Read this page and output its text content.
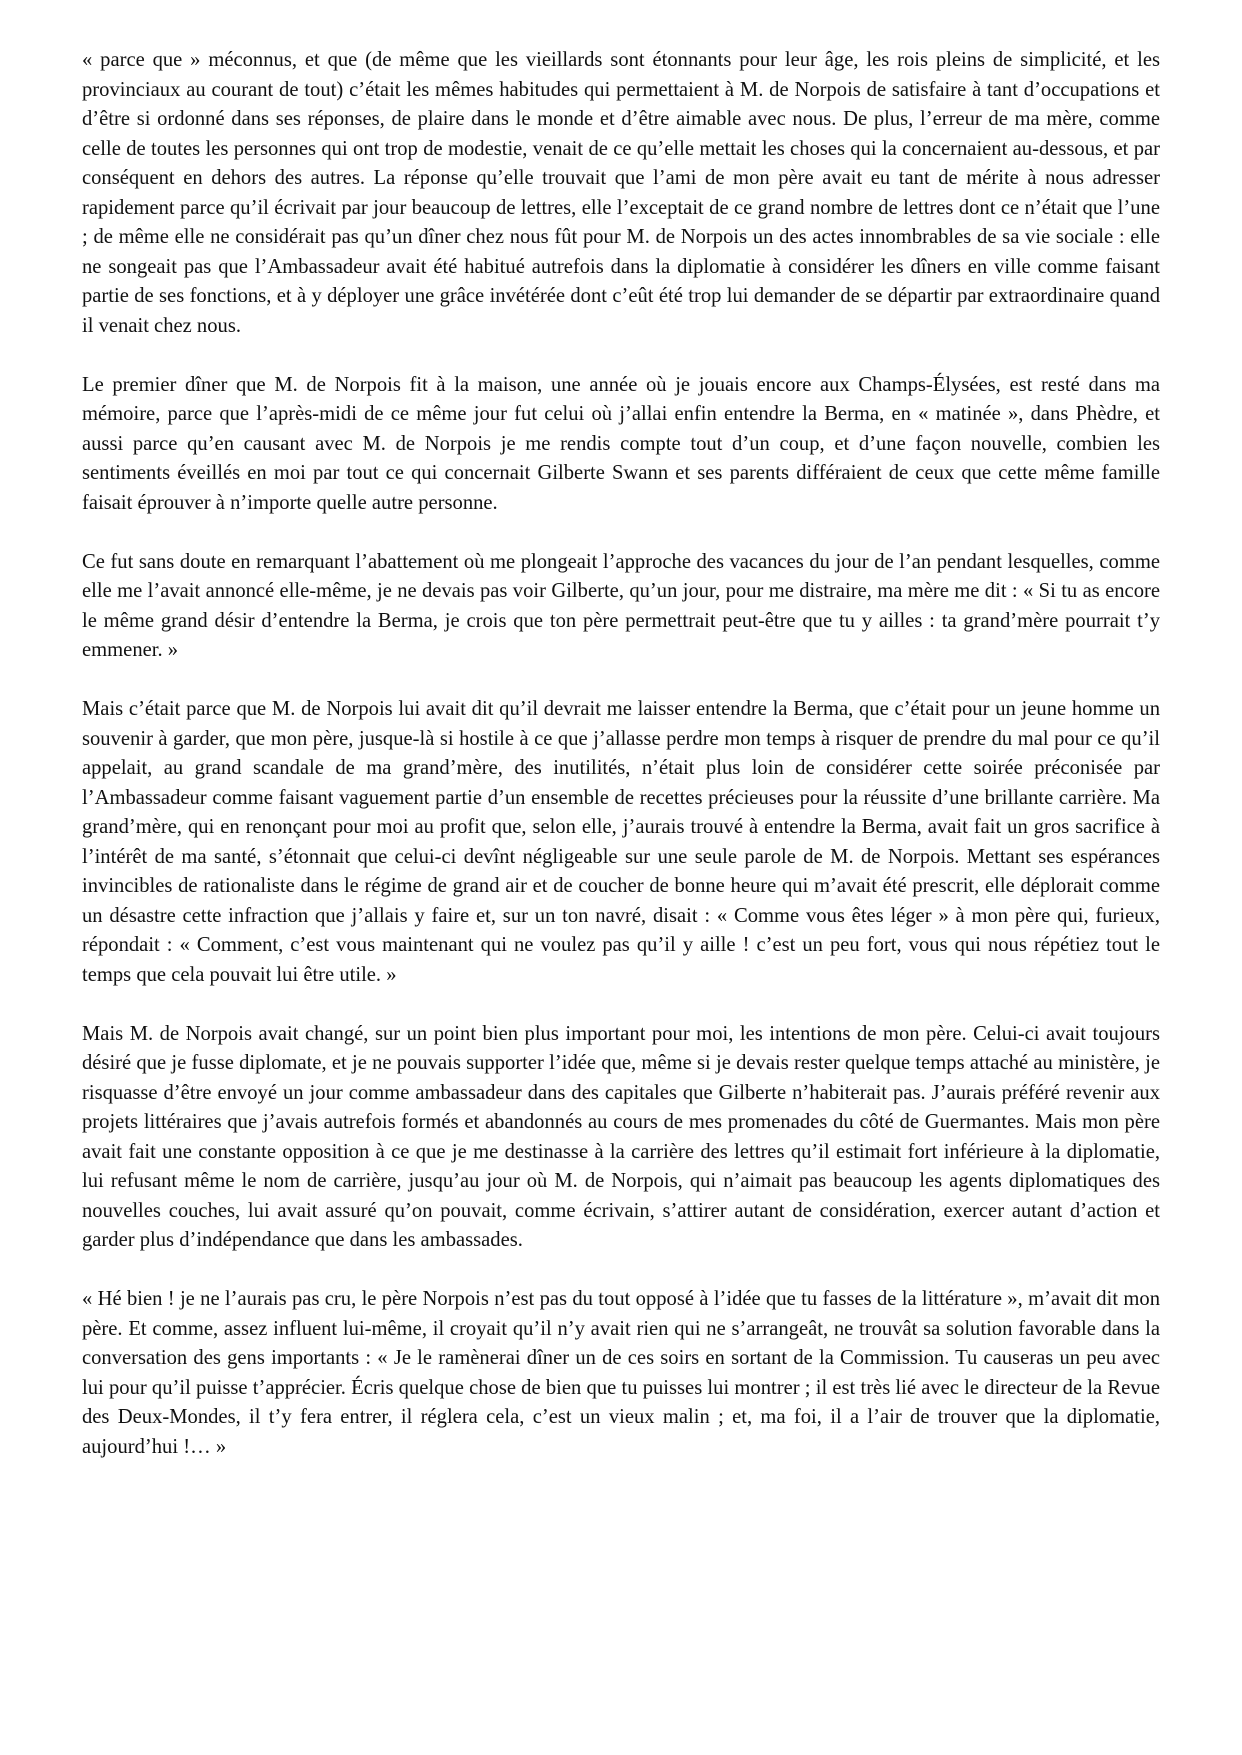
« parce que » méconnus, et que (de même que les vieillards sont étonnants pour leur âge, les rois pleins de simplicité, et les provinciaux au courant de tout) c’était les mêmes habitudes qui permettaient à M. de Norpois de satisfaire à tant d’occupations et d’être si ordonné dans ses réponses, de plaire dans le monde et d’être aimable avec nous. De plus, l’erreur de ma mère, comme celle de toutes les personnes qui ont trop de modestie, venait de ce qu’elle mettait les choses qui la concernaient au-dessous, et par conséquent en dehors des autres. La réponse qu’elle trouvait que l’ami de mon père avait eu tant de mérite à nous adresser rapidement parce qu’il écrivait par jour beaucoup de lettres, elle l’exceptait de ce grand nombre de lettres dont ce n’était que l’une ; de même elle ne considérait pas qu’un dîner chez nous fût pour M. de Norpois un des actes innombrables de sa vie sociale : elle ne songeait pas que l’Ambassadeur avait été habitué autrefois dans la diplomatie à considérer les dîners en ville comme faisant partie de ses fonctions, et à y déployer une grâce invétérée dont c’eût été trop lui demander de se départir par extraordinaire quand il venait chez nous.

Le premier dîner que M. de Norpois fit à la maison, une année où je jouais encore aux Champs-Élysées, est resté dans ma mémoire, parce que l’après-midi de ce même jour fut celui où j’allai enfin entendre la Berma, en « matinée », dans Phèdre, et aussi parce qu’en causant avec M. de Norpois je me rendis compte tout d’un coup, et d’une façon nouvelle, combien les sentiments éveillés en moi par tout ce qui concernait Gilberte Swann et ses parents différaient de ceux que cette même famille faisait éprouver à n’importe quelle autre personne.

Ce fut sans doute en remarquant l’abattement où me plongeait l’approche des vacances du jour de l’an pendant lesquelles, comme elle me l’avait annoncé elle-même, je ne devais pas voir Gilberte, qu’un jour, pour me distraire, ma mère me dit : « Si tu as encore le même grand désir d’entendre la Berma, je crois que ton père permettrait peut-être que tu y ailles : ta grand’mère pourrait t’y emmener. »

Mais c’était parce que M. de Norpois lui avait dit qu’il devrait me laisser entendre la Berma, que c’était pour un jeune homme un souvenir à garder, que mon père, jusque-là si hostile à ce que j’allasse perdre mon temps à risquer de prendre du mal pour ce qu’il appelait, au grand scandale de ma grand’mère, des inutilités, n’était plus loin de considérer cette soirée préconisée par l’Ambassadeur comme faisant vaguement partie d’un ensemble de recettes précieuses pour la réussite d’une brillante carrière. Ma grand’mère, qui en renonçant pour moi au profit que, selon elle, j’aurais trouvé à entendre la Berma, avait fait un gros sacrifice à l’intérêt de ma santé, s’étonnait que celui-ci devînt négligeable sur une seule parole de M. de Norpois. Mettant ses espérances invincibles de rationaliste dans le régime de grand air et de coucher de bonne heure qui m’avait été prescrit, elle déplorait comme un désastre cette infraction que j’allais y faire et, sur un ton navré, disait : « Comme vous êtes léger » à mon père qui, furieux, répondait : « Comment, c’est vous maintenant qui ne voulez pas qu’il y aille ! c’est un peu fort, vous qui nous répétiez tout le temps que cela pouvait lui être utile. »

Mais M. de Norpois avait changé, sur un point bien plus important pour moi, les intentions de mon père. Celui-ci avait toujours désiré que je fusse diplomate, et je ne pouvais supporter l’idée que, même si je devais rester quelque temps attaché au ministère, je risquasse d’être envoyé un jour comme ambassadeur dans des capitales que Gilberte n’habiterait pas. J’aurais préféré revenir aux projets littéraires que j’avais autrefois formés et abandonnés au cours de mes promenades du côté de Guermantes. Mais mon père avait fait une constante opposition à ce que je me destinasse à la carrière des lettres qu’il estimait fort inférieure à la diplomatie, lui refusant même le nom de carrière, jusqu’au jour où M. de Norpois, qui n’aimait pas beaucoup les agents diplomatiques des nouvelles couches, lui avait assuré qu’on pouvait, comme écrivain, s’attirer autant de considération, exercer autant d’action et garder plus d’indépendance que dans les ambassades.

« Hé bien ! je ne l’aurais pas cru, le père Norpois n’est pas du tout opposé à l’idée que tu fasses de la littérature », m’avait dit mon père. Et comme, assez influent lui-même, il croyait qu’il n’y avait rien qui ne s’arrangeât, ne trouvât sa solution favorable dans la conversation des gens importants : « Je le ramènerai dîner un de ces soirs en sortant de la Commission. Tu causeras un peu avec lui pour qu’il puisse t’apprécier. Écris quelque chose de bien que tu puisses lui montrer ; il est très lié avec le directeur de la Revue des Deux-Mondes, il t’y fera entrer, il réglera cela, c’est un vieux malin ; et, ma foi, il a l’air de trouver que la diplomatie, aujourd’hui !… »
